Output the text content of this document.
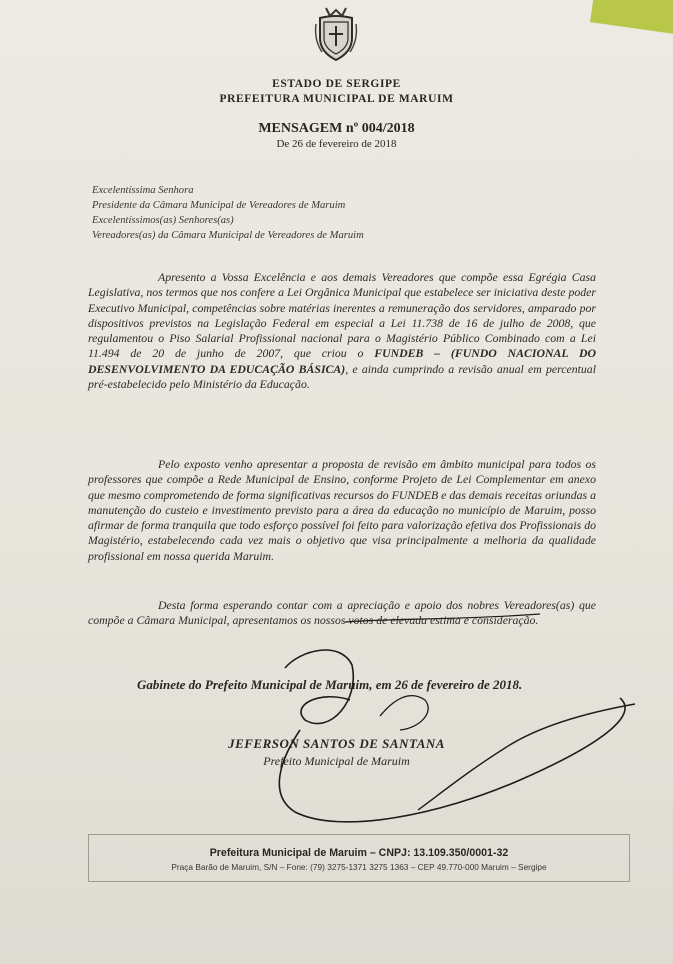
ESTADO DE SERGIPE
PREFEITURA MUNICIPAL DE MARUIM
MENSAGEM nº 004/2018
De 26 de fevereiro de 2018
Excelentíssima Senhora
Presidente da Câmara Municipal de Vereadores de Maruim
Excelentíssimos(as) Senhores(as)
Vereadores(as) da Câmara Municipal de Vereadores de Maruim
Apresento a Vossa Excelência e aos demais Vereadores que compõe essa Egrégia Casa Legislativa, nos termos que nos confere a Lei Orgânica Municipal que estabelece ser iniciativa deste poder Executivo Municipal, competências sobre matérias inerentes a remuneração dos servidores, amparado por dispositivos previstos na Legislação Federal em especial a Lei 11.738 de 16 de julho de 2008, que regulamentou o Piso Salarial Profissional nacional para o Magistério Público Combinado com a Lei 11.494 de 20 de junho de 2007, que criou o FUNDEB – (FUNDO NACIONAL DO DESENVOLVIMENTO DA EDUCAÇÃO BÁSICA), e ainda cumprindo a revisão anual em percentual pré-estabelecido pelo Ministério da Educação.
Pelo exposto venho apresentar a proposta de revisão em âmbito municipal para todos os professores que compõe a Rede Municipal de Ensino, conforme Projeto de Lei Complementar em anexo que mesmo comprometendo de forma significativas recursos do FUNDEB e das demais receitas oriundas a manutenção do custeio e investimento previsto para a área da educação no município de Maruim, posso afirmar de forma tranquila que todo esforço possível foi feito para valorização efetiva dos Profissionais do Magistério, estabelecendo cada vez mais o objetivo que visa principalmente a melhoria da qualidade profissional em nossa querida Maruim.
Desta forma esperando contar com a apreciação e apoio dos nobres Vereadores(as) que compõe a Câmara Municipal, apresentamos os nossos votos de elevada estima e consideração.
Gabinete do Prefeito Municipal de Maruim, em 26 de fevereiro de 2018.
JEFERSON SANTOS DE SANTANA
Prefeito Municipal de Maruim
Prefeitura Municipal de Maruim – CNPJ: 13.109.350/0001-32
Praça Barão de Maruim, S/N – Fone: (79) 3275-1371 3275 1363 – CEP 49.770-000 Maruim – Sergipe
